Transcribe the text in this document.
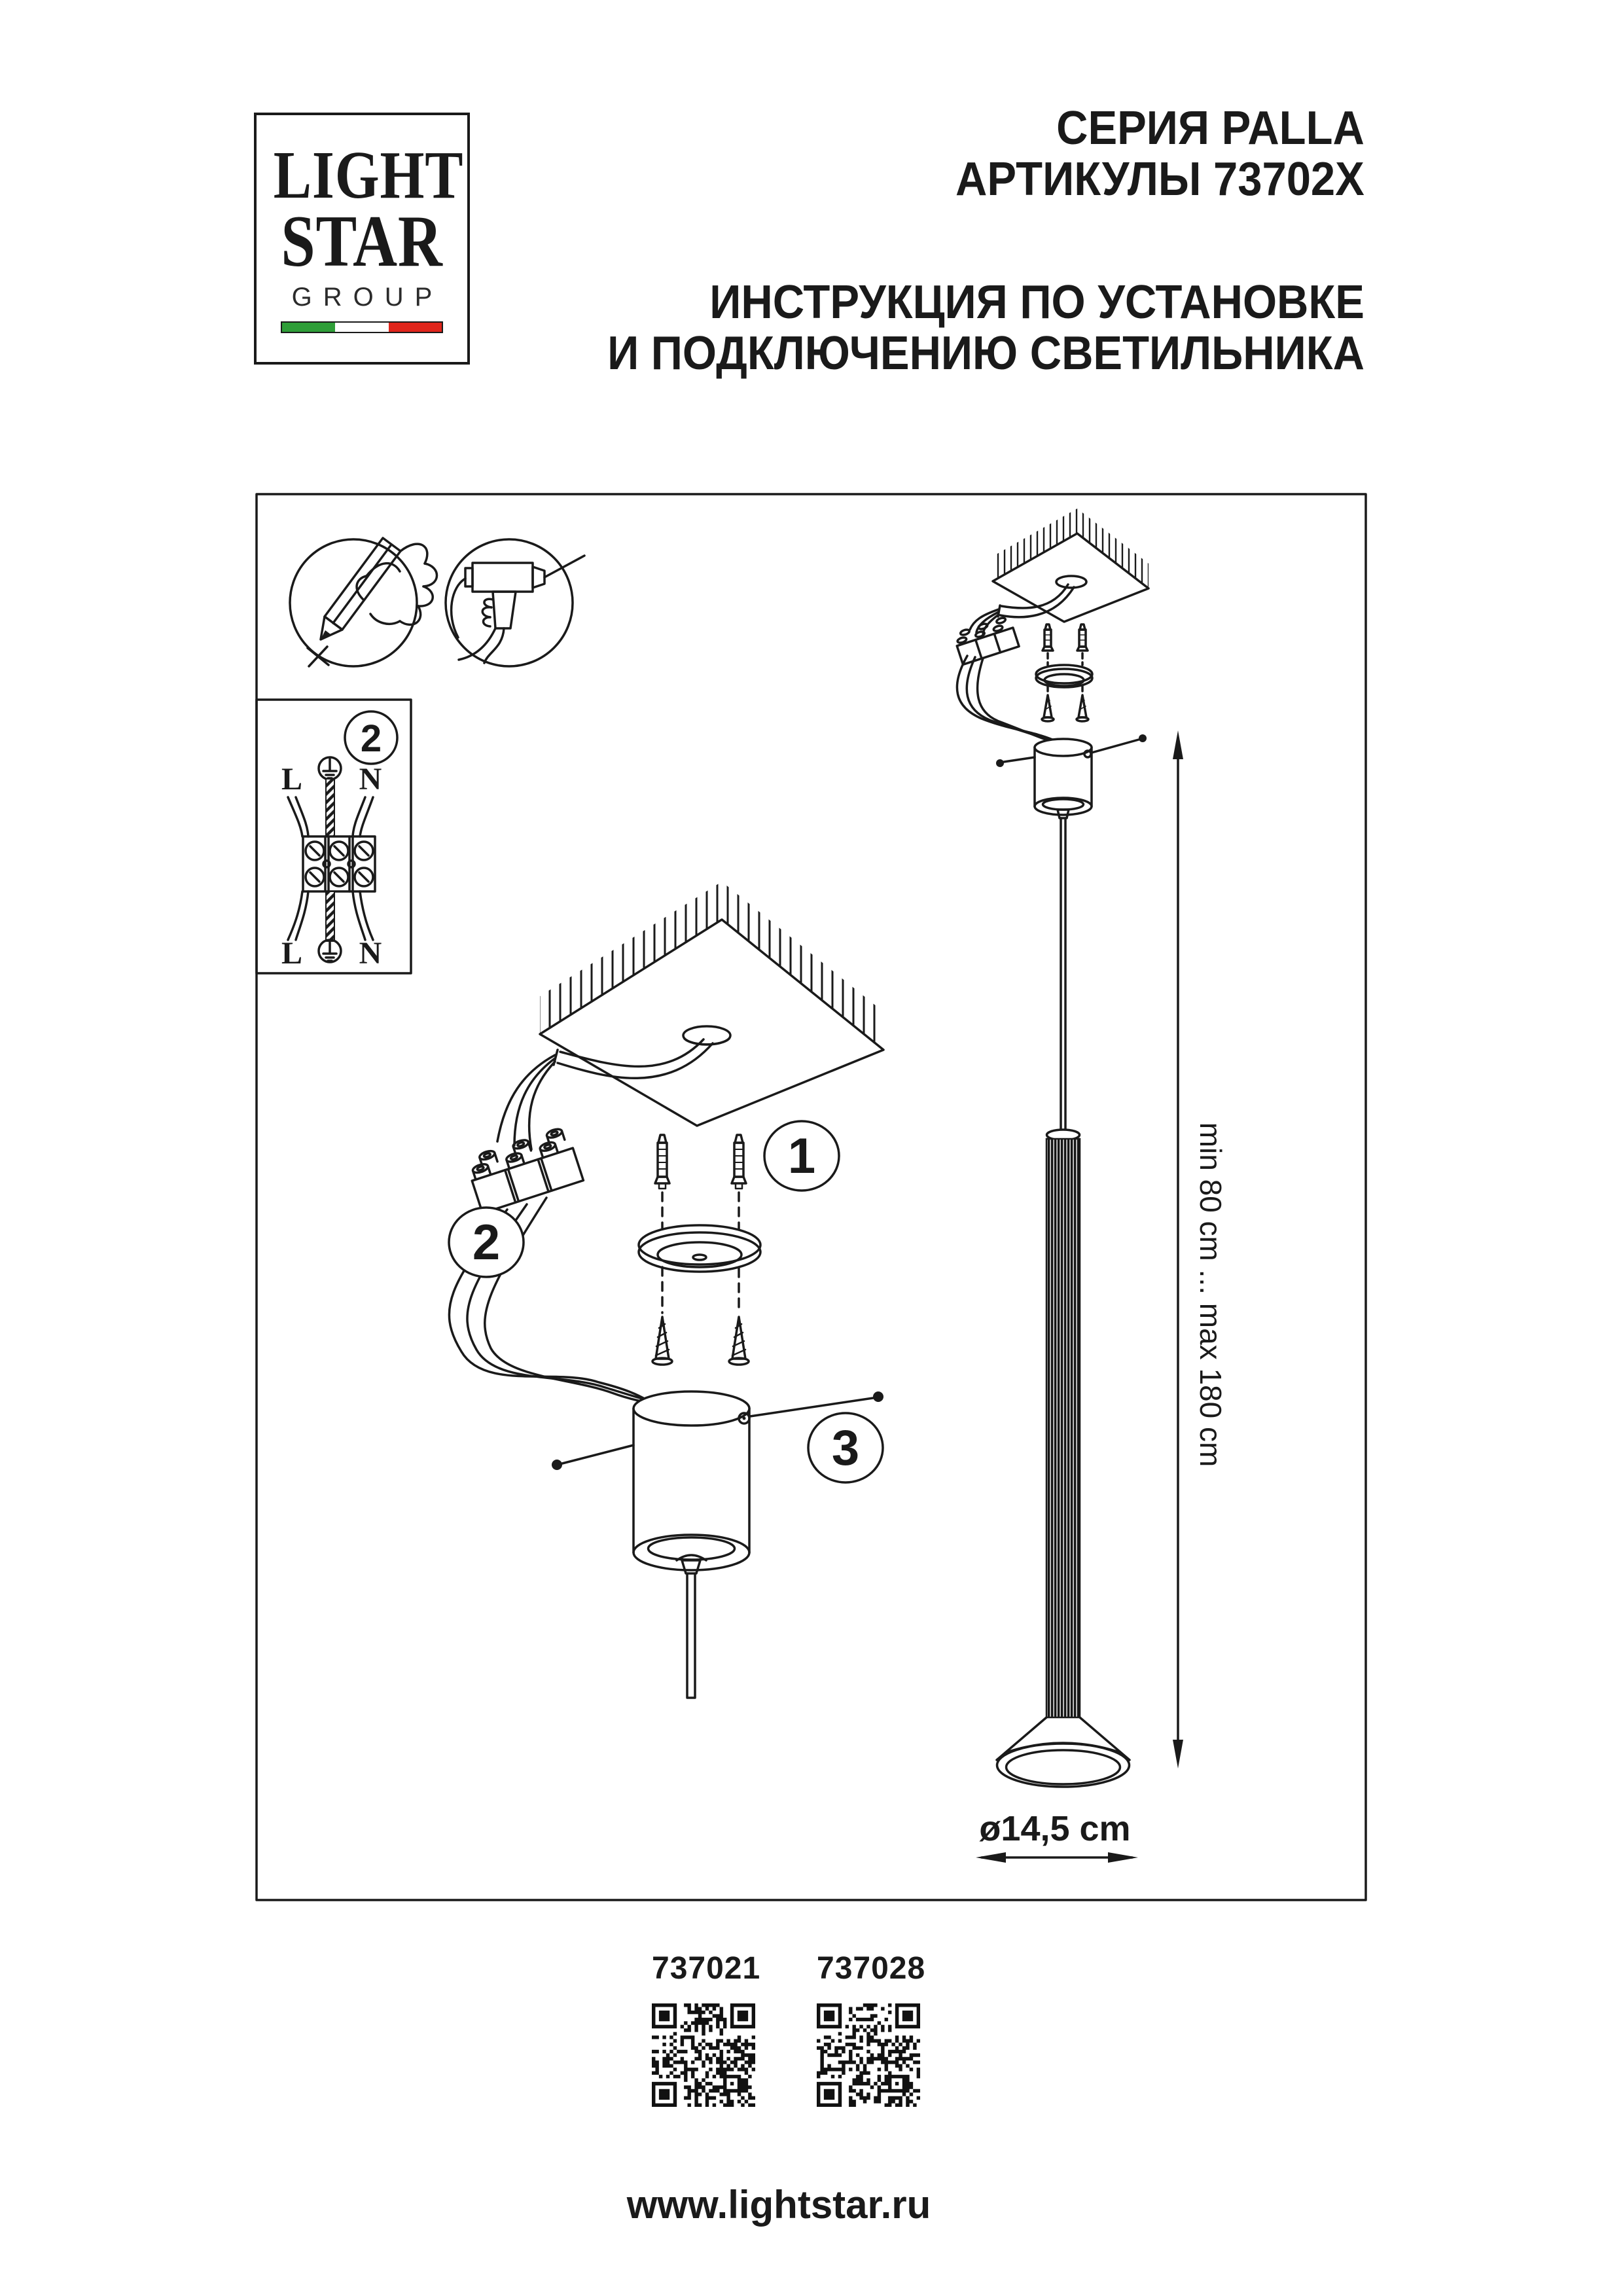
LIGHT
STAR
GROUP
СЕРИЯ PALLA
АРТИКУЛЫ 73702X
ИНСТРУКЦИЯ ПО УСТАНОВКЕ
И ПОДКЛЮЧЕНИЮ СВЕТИЛЬНИКА
2
L N
L N
2
1
3	min 80 cm ... max 180 cm
ø14,5 cm
737021 737028
www.lightstar.ru
